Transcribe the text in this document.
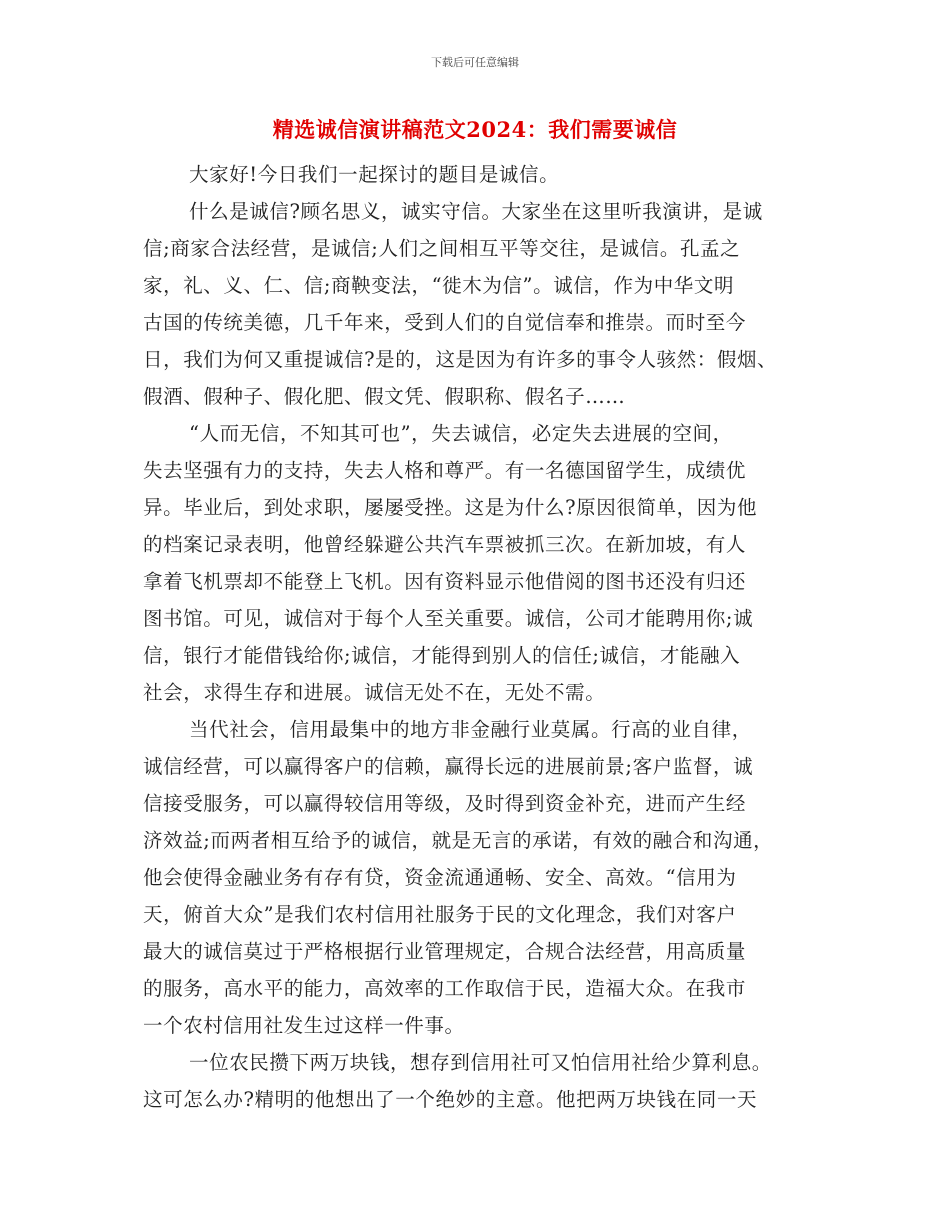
下载后可任意编辑
精选诚信演讲稿范文2024：我们需要诚信
大家好!今日我们一起探讨的题目是诚信。
什么是诚信?顾名思义，诚实守信。大家坐在这里听我演讲，是诚
信;商家合法经营，是诚信;人们之间相互平等交往，是诚信。孔孟之
家，礼、义、仁、信;商鞅变法，“徙木为信”。诚信，作为中华文明
古国的传统美德，几千年来，受到人们的自觉信奉和推崇。而时至今
日，我们为何又重提诚信?是的，这是因为有许多的事令人骇然：假烟、
假酒、假种子、假化肥、假文凭、假职称、假名子……
“人而无信，不知其可也”，失去诚信，必定失去进展的空间，
失去坚强有力的支持，失去人格和尊严。有一名德国留学生，成绩优
异。毕业后，到处求职，屡屡受挫。这是为什么?原因很简单，因为他
的档案记录表明，他曾经躲避公共汽车票被抓三次。在新加坡，有人
拿着飞机票却不能登上飞机。因有资料显示他借阅的图书还没有归还
图书馆。可见，诚信对于每个人至关重要。诚信，公司才能聘用你;诚
信，银行才能借钱给你;诚信，才能得到别人的信任;诚信，才能融入
社会，求得生存和进展。诚信无处不在，无处不需。
当代社会，信用最集中的地方非金融行业莫属。行高的业自律，
诚信经营，可以赢得客户的信赖，赢得长远的进展前景;客户监督，诚
信接受服务，可以赢得较信用等级，及时得到资金补充，进而产生经
济效益;而两者相互给予的诚信，就是无言的承诺，有效的融合和沟通，
他会使得金融业务有存有贷，资金流通通畅、安全、高效。“信用为
天，俯首大众”是我们农村信用社服务于民的文化理念，我们对客户
最大的诚信莫过于严格根据行业管理规定，合规合法经营，用高质量
的服务，高水平的能力，高效率的工作取信于民，造福大众。在我市
一个农村信用社发生过这样一件事。
一位农民攒下两万块钱，想存到信用社可又怕信用社给少算利息。
这可怎么办?精明的他想出了一个绝妙的主意。他把两万块钱在同一天
